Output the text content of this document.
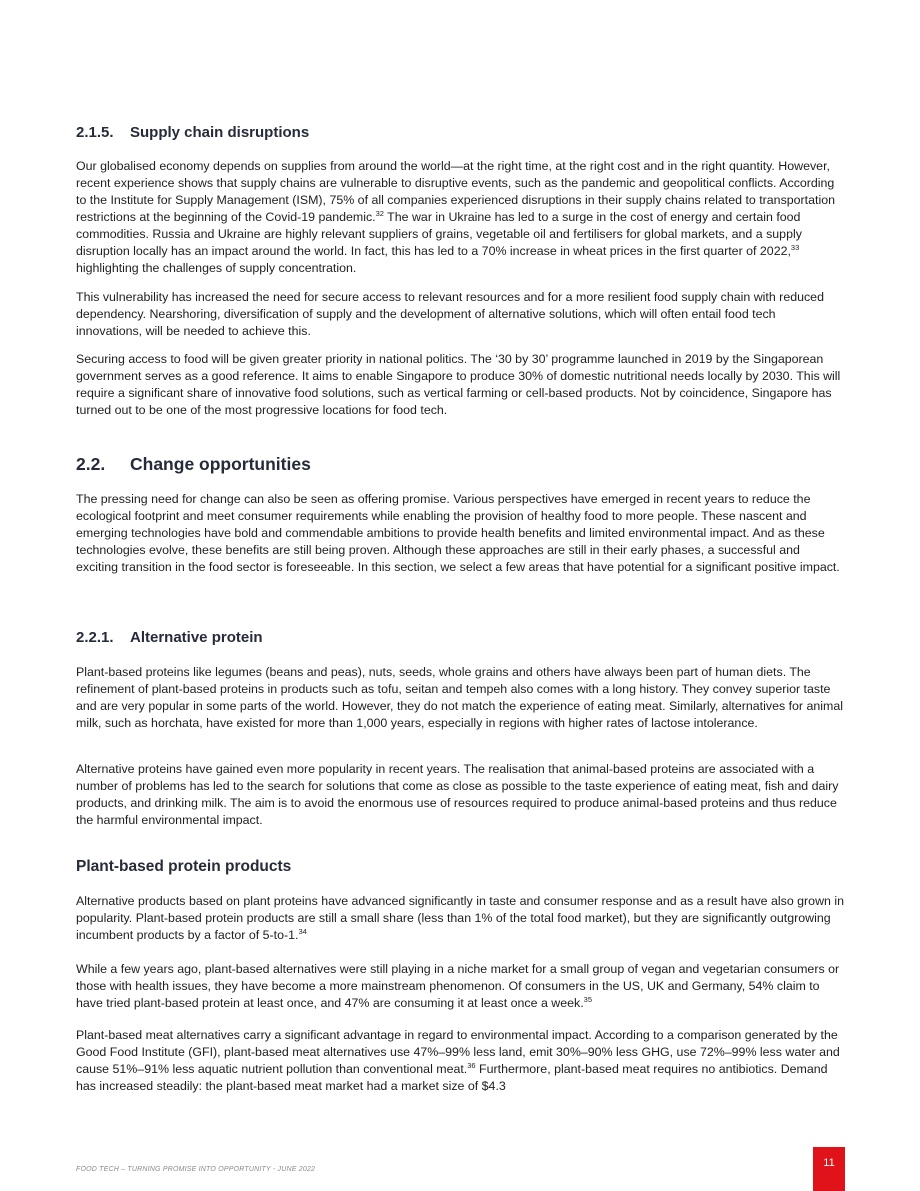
2.1.5. Supply chain disruptions

Our globalised economy depends on supplies from around the world—at the right time, at the right cost and in the right quantity. However, recent experience shows that supply chains are vulnerable to disruptive events, such as the pandemic and geopolitical conflicts. According to the Institute for Supply Management (ISM), 75% of all companies experienced disruptions in their supply chains related to transportation restrictions at the beginning of the Covid-19 pandemic.$^{32}$ The war in Ukraine has led to a surge in the cost of energy and certain food commodities. Russia and Ukraine are highly relevant suppliers of grains, vegetable oil and fertilisers for global markets, and a supply disruption locally has an impact around the world. In fact, this has led to a 70% increase in wheat prices in the first quarter of 2022,33 highlighting the challenges of supply concentration.

This vulnerability has increased the need for secure access to relevant resources and for a more resilient food supply chain with reduced dependency. Nearshoring, diversification of supply and the development of alternative solutions, which will often entail food tech innovations, will be needed to achieve this.

Securing access to food will be given greater priority in national politics. The ‘30 by 30’ programme launched in 2019 by the Singaporean government serves as a good reference. It aims to enable Singapore to produce 30% of domestic nutritional needs locally by 2030. This will require a significant share of innovative food solutions, such as vertical farming or cell-based products. Not by coincidence, Singapore has turned out to be one of the most progressive locations for food tech.

2.2. Change opportunities

The pressing need for change can also be seen as offering promise. Various perspectives have emerged in recent years to reduce the ecological footprint and meet consumer requirements while enabling the provision of healthy food to more people. These nascent and emerging technologies have bold and commendable ambitions to provide health benefits and limited environmental impact. And as these technologies evolve, these benefits are still being proven. Although these approaches are still in their early phases, a successful and exciting transition in the food sector is foreseeable. In this section, we select a few areas that have potential for a significant positive impact.

2.2.1. Alternative protein

Plant-based proteins like legumes (beans and peas), nuts, seeds, whole grains and others have always been part of human diets. The refinement of plant-based proteins in products such as tofu, seitan and tempeh also comes with a long history. They convey superior taste and are very popular in some parts of the world. However, they do not match the experience of eating meat. Similarly, alternatives for animal milk, such as horchata, have existed for more than 1,000 years, especially in regions with higher rates of lactose intolerance.

Alternative proteins have gained even more popularity in recent years. The realisation that animal-based proteins are associated with a number of problems has led to the search for solutions that come as close as possible to the taste experience of eating meat, fish and dairy products, and drinking milk. The aim is to avoid the enormous use of resources required to produce animal-based proteins and thus reduce the harmful environmental impact.

Plant-based protein products

Alternative products based on plant proteins have advanced significantly in taste and consumer response and as a result have also grown in popularity. Plant-based protein products are still a small share (less than 1% of the total food market), but they are significantly outgrowing incumbent products by a factor of 5-to-1.34

While a few years ago, plant-based alternatives were still playing in a niche market for a small group of vegan and vegetarian consumers or those with health issues, they have become a more mainstream phenomenon. Of consumers in the US, UK and Germany, 54% claim to have tried plant-based protein at least once, and 47% are consuming it at least once a week.$^{35}$

Plant-based meat alternatives carry a significant advantage in regard to environmental impact. According to a comparison generated by the Good Food Institute (GFI), plant-based meat alternatives use 47%–99% less land, emit 30%–90% less GHG, use 72%–99% less water and cause 51%–91% less aquatic nutrient pollution than conventional meat.$^{36}$ Furthermore, plant-based meat requires no antibiotics. Demand has increased steadily: the plant-based meat market had a market size of $4.3

FOOD TECH – TURNING PROMISE INTO OPPORTUNITY - JUNE 2022
11
